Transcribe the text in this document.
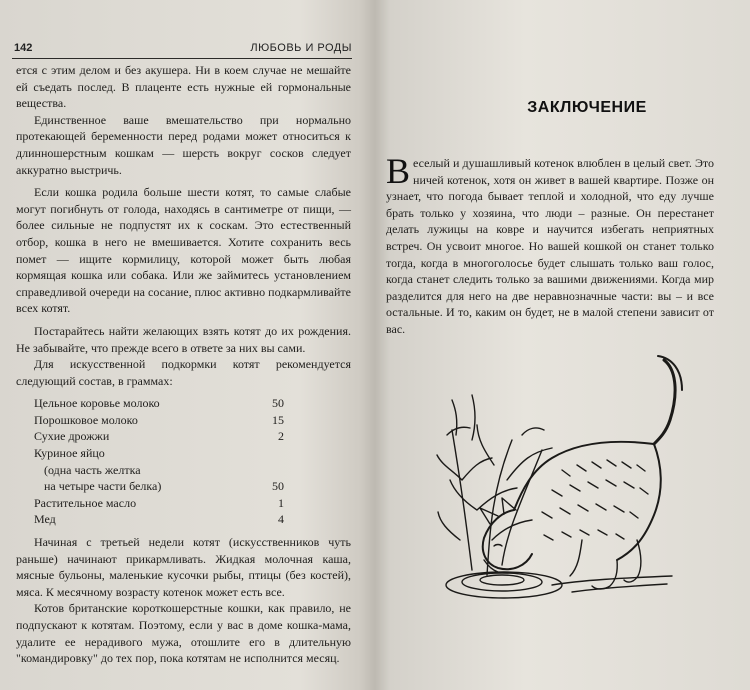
142	ЛЮБОВЬ И РОДЫ

ется с этим делом и без акушера. Ни в коем случае не мешайте ей съедать послед. В плаценте есть нужные ей гормональные вещества.

Единственное ваше вмешательство при нормально протекающей беременности перед родами может относиться к длинношерстным кошкам — шерсть вокруг сосков следует аккуратно выстричь.

Если кошка родила больше шести котят, то самые слабые могут погибнуть от голода, находясь в сантиметре от пищи, — более сильные не подпустят их к соскам. Это естественный отбор, кошка в него не вмешивается. Хотите сохранить весь помет — ищите кормилицу, которой может быть любая кормящая кошка или собака. Или же займитесь установлением справедливой очереди на сосание, плюс активно подкармливайте всех котят.

Постарайтесь найти желающих взять котят до их рождения. Не забывайте, что прежде всего в ответе за них вы сами.

Для искусственной подкормки котят рекомендуется следующий состав, в граммах:

Цельное коровье молоко	50
Порошковое молоко	15
Сухие дрожжи	2
Куриное яйцо
(одна часть желтка
на четыре части белка)	50
Растительное масло	1
Мед	4

Начиная с третьей недели котят (искусственников чуть раньше) начинают прикармливать. Жидкая молочная каша, мясные бульоны, маленькие кусочки рыбы, птицы (без костей), мяса. К месячному возрасту котенок может есть все.

Котов британские короткошерстные кошки, как правило, не подпускают к котятам. Поэтому, если у вас в доме кошка-мама, удалите ее нерадивого мужа, отошлите его в длительную "командировку" до тех пор, пока котятам не исполнится месяц.

ЗАКЛЮЧЕНИЕ

Веселый и душашливый котенок влюблен в целый свет. Это ничей котенок, хотя он живет в вашей квартире. Позже он узнает, что погода бывает теплой и холодной, что еду лучше брать только у хозяина, что люди – разные. Он перестанет делать лужицы на ковре и научится избегать неприятных встреч. Он усвоит многое. Но вашей кошкой он станет только тогда, когда в многоголосье будет слышать только ваш голос, когда станет следить только за вашими движениями. Когда мир разделится для него на две неравнозначные части: вы – и все остальные. И то, каким он будет, не в малой степени зависит от вас.
